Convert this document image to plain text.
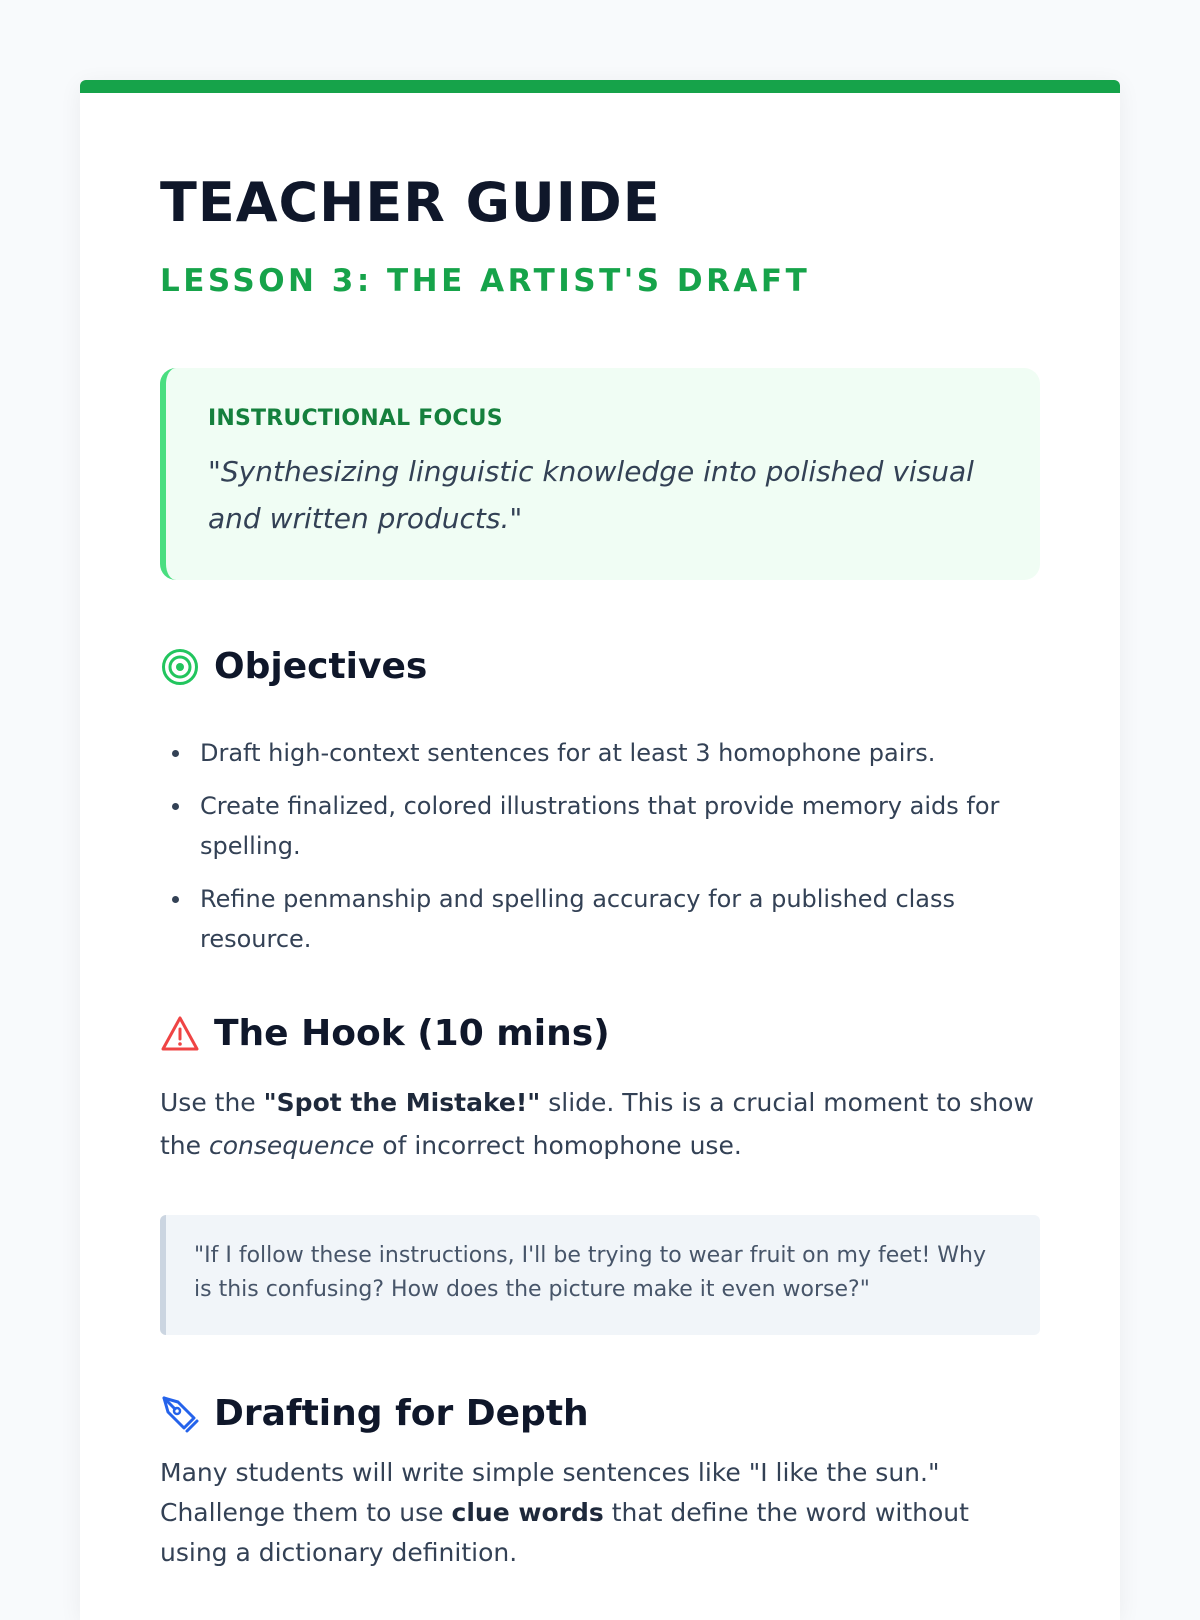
TEACHER GUIDE
LESSON 3: THE ARTIST'S DRAFT
INSTRUCTIONAL FOCUS
"Synthesizing linguistic knowledge into polished visual and written products."
Objectives
Draft high-context sentences for at least 3 homophone pairs.
Create finalized, colored illustrations that provide memory aids for spelling.
Refine penmanship and spelling accuracy for a published class resource.
The Hook (10 mins)

Use the "Spot the Mistake!" slide. This is a crucial moment to show the consequence of incorrect homophone use.

"If I follow these instructions, I'll be trying to wear fruit on my feet! Why is this confusing? How does the picture make it even worse?"
Drafting for Depth

Many students will write simple sentences like "I like the sun." Challenge them to use clue words that define the word without using a dictionary definition.
